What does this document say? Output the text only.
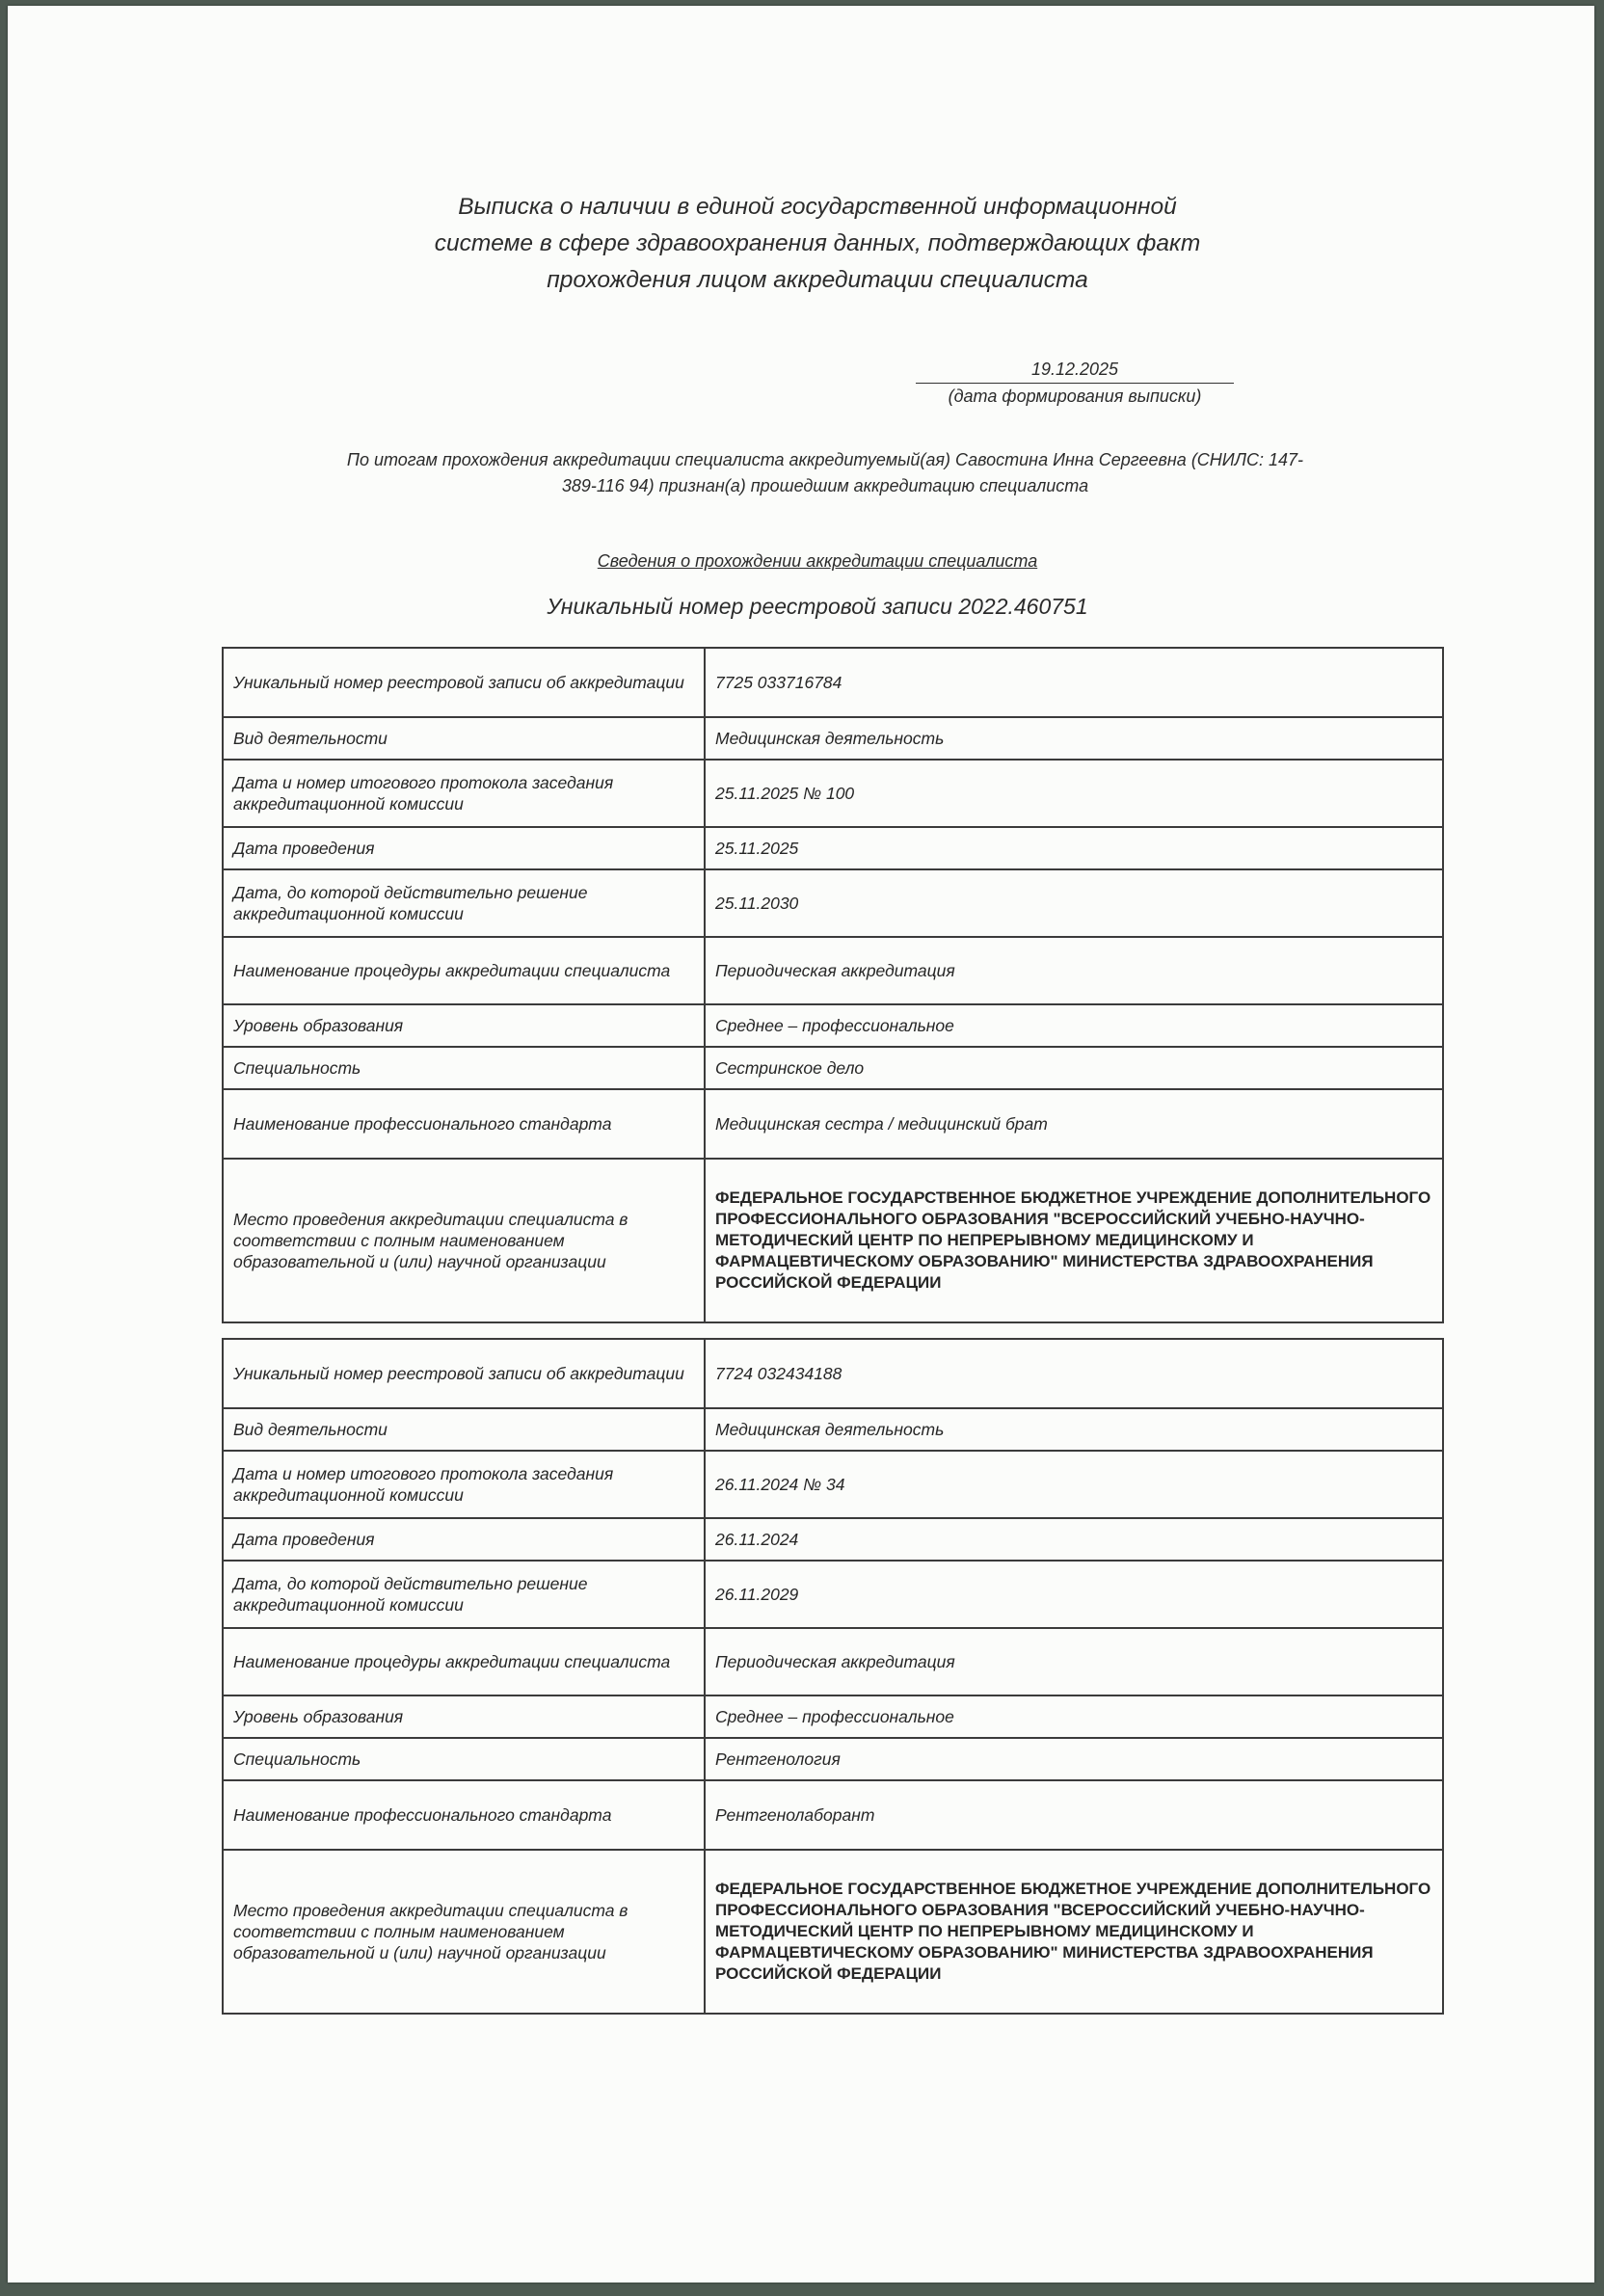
Выписка о наличии в единой государственной информационной
системе в сфере здравоохранения данных, подтверждающих факт
прохождения лицом аккредитации специалиста
19.12.2025
(дата формирования выписки)
По итогам прохождения аккредитации специалиста аккредитуемый(ая) Савостина Инна Сергеевна (СНИЛС: 147-
389-116 94) признан(а) прошедшим аккредитацию специалиста
Сведения о прохождении аккредитации специалиста
Уникальный номер реестровой записи 2022.460751
Уникальный номер реестровой записи об аккредитации	7725 033716784
Вид деятельности	Медицинская деятельность
Дата и номер итогового протокола заседания аккредитационной комиссии	25.11.2025 № 100
Дата проведения	25.11.2025
Дата, до которой действительно решение аккредитационной комиссии	25.11.2030
Наименование процедуры аккредитации специалиста	Периодическая аккредитация
Уровень образования	Среднее – профессиональное
Специальность	Сестринское дело
Наименование профессионального стандарта	Медицинская сестра / медицинский брат
Место проведения аккредитации специалиста в соответствии с полным наименованием образовательной и (или) научной организации	ФЕДЕРАЛЬНОЕ ГОСУДАРСТВЕННОЕ БЮДЖЕТНОЕ УЧРЕЖДЕНИЕ ДОПОЛНИТЕЛЬНОГО ПРОФЕССИОНАЛЬНОГО ОБРАЗОВАНИЯ "ВСЕРОССИЙСКИЙ УЧЕБНО-НАУЧНО-МЕТОДИЧЕСКИЙ ЦЕНТР ПО НЕПРЕРЫВНОМУ МЕДИЦИНСКОМУ И ФАРМАЦЕВТИЧЕСКОМУ ОБРАЗОВАНИЮ" МИНИСТЕРСТВА ЗДРАВООХРАНЕНИЯ РОССИЙСКОЙ ФЕДЕРАЦИИ
Уникальный номер реестровой записи об аккредитации	7724 032434188
Вид деятельности	Медицинская деятельность
Дата и номер итогового протокола заседания аккредитационной комиссии	26.11.2024 № 34
Дата проведения	26.11.2024
Дата, до которой действительно решение аккредитационной комиссии	26.11.2029
Наименование процедуры аккредитации специалиста	Периодическая аккредитация
Уровень образования	Среднее – профессиональное
Специальность	Рентгенология
Наименование профессионального стандарта	Рентгенолаборант
Место проведения аккредитации специалиста в соответствии с полным наименованием образовательной и (или) научной организации	ФЕДЕРАЛЬНОЕ ГОСУДАРСТВЕННОЕ БЮДЖЕТНОЕ УЧРЕЖДЕНИЕ ДОПОЛНИТЕЛЬНОГО ПРОФЕССИОНАЛЬНОГО ОБРАЗОВАНИЯ "ВСЕРОССИЙСКИЙ УЧЕБНО-НАУЧНО-МЕТОДИЧЕСКИЙ ЦЕНТР ПО НЕПРЕРЫВНОМУ МЕДИЦИНСКОМУ И ФАРМАЦЕВТИЧЕСКОМУ ОБРАЗОВАНИЮ" МИНИСТЕРСТВА ЗДРАВООХРАНЕНИЯ РОССИЙСКОЙ ФЕДЕРАЦИИ
